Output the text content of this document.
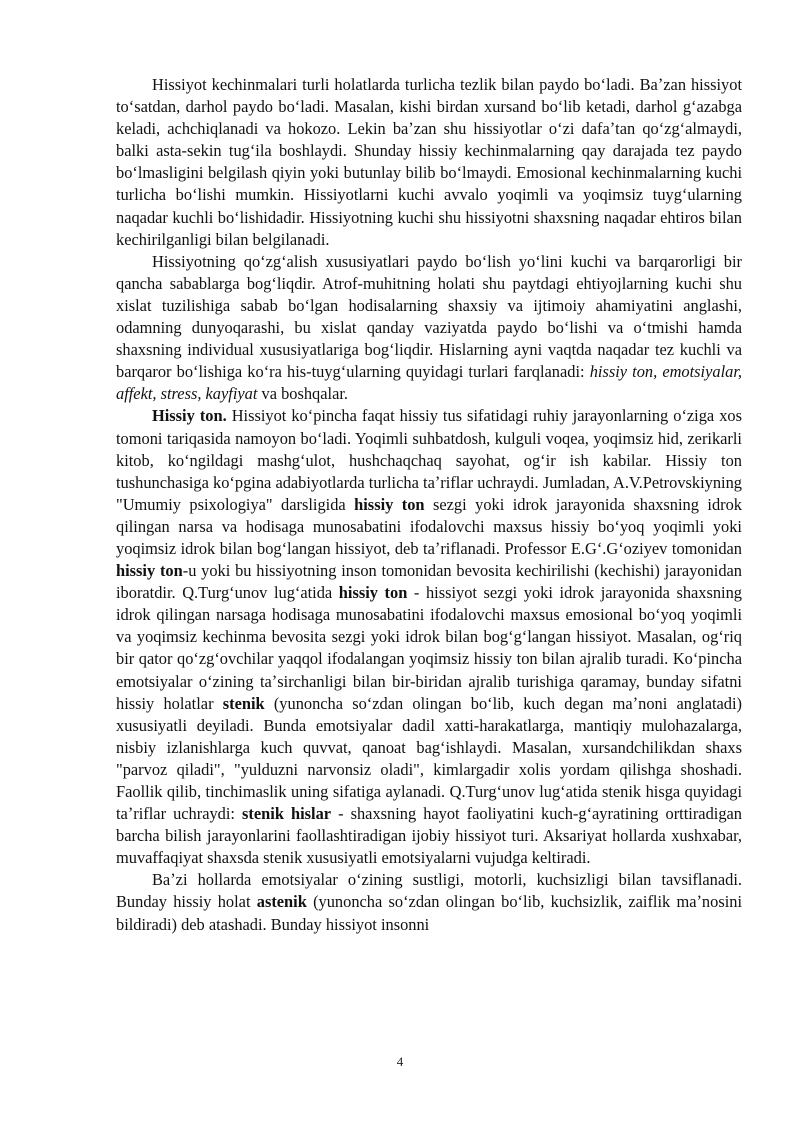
Hissiyot kechinmalari turli holatlarda turlicha tezlik bilan paydo boʻladi. Baʼzan hissiyot toʻsatdan, darhol paydo boʻladi. Masalan, kishi birdan xursand boʻlib ketadi, darhol gʻazabga keladi, achchiqlanadi va hokozo. Lekin baʼzan shu hissiyotlar oʻzi dafaʼtan qoʻzgʻalmaydi, balki asta-sekin tugʻila boshlaydi. Shunday hissiy kechinmalarning qay darajada tez paydo boʻlmasligini belgilash qiyin yoki butunlay bilib boʻlmaydi. Emosional kechinmalarning kuchi turlicha boʻlishi mumkin. Hissiyotlarni kuchi avvalo yoqimli va yoqimsiz tuygʻularning naqadar kuchli boʻlishidadir. Hissiyotning kuchi shu hissiyotni shaxsning naqadar ehtiros bilan kechirilganligi bilan belgilanadi.

Hissiyotning qoʻzgʻalish xususiyatlari paydo boʻlish yoʻlini kuchi va barqarorligi bir qancha sabablarga bogʻliqdir. Atrof-muhitning holati shu paytdagi ehtiyojlarning kuchi shu xislat tuzilishiga sabab boʻlgan hodisalarning shaxsiy va ijtimoiy ahamiyatini anglashi, odamning dunyoqarashi, bu xislat qanday vaziyatda paydo boʻlishi va oʻtmishi hamda shaxsning individual xususiyatlariga bogʻliqdir. Hislarning ayni vaqtda naqadar tez kuchli va barqaror boʻlishiga koʻra his-tuygʻularning quyidagi turlari farqlanadi: hissiy ton, emotsiyalar, affekt, stress, kayfiyat va boshqalar.

Hissiy ton. Hissiyot koʻpincha faqat hissiy tus sifatidagi ruhiy jarayonlarning oʻziga xos tomoni tariqasida namoyon boʻladi. Yoqimli suhbatdosh, kulguli voqea, yoqimsiz hid, zerikarli kitob, koʻngildagi mashgʻulot, hushchaqchaq sayohat, ogʻir ish kabilar. Hissiy ton tushunchasiga koʻpgina adabiyotlarda turlicha taʼriflar uchraydi. Jumladan, A.V.Petrovskiyning "Umumiy psixologiya" darsligida hissiy ton sezgi yoki idrok jarayonida shaxsning idrok qilingan narsa va hodisaga munosabatini ifodalovchi maxsus hissiy boʻyoq yoqimli yoki yoqimsiz idrok bilan bogʻlangan hissiyot, deb taʼriflanadi. Professor E.Gʻ.Gʻoziyev tomonidan hissiy ton-u yoki bu hissiyotning inson tomonidan bevosita kechirilishi (kechishi) jarayonidan iboratdir. Q.Turgʻunov lugʻatida hissiy ton - hissiyot sezgi yoki idrok jarayonida shaxsning idrok qilingan narsaga hodisaga munosabatini ifodalovchi maxsus emosional boʻyoq yoqimli va yoqimsiz kechinma bevosita sezgi yoki idrok bilan bogʻgʻlangan hissiyot. Masalan, ogʻriq bir qator qoʻzgʻovchilar yaqqol ifodalangan yoqimsiz hissiy ton bilan ajralib turadi. Koʻpincha emotsiyalar oʻzining taʼsirchanligi bilan bir-biridan ajralib turishiga qaramay, bunday sifatni hissiy holatlar stenik (yunoncha soʻzdan olingan boʻlib, kuch degan maʼnoni anglatadi) xususiyatli deyiladi. Bunda emotsiyalar dadil xatti-harakatlarga, mantiqiy mulohazalarga, nisbiy izlanishlarga kuch quvvat, qanoat bagʻishlaydi. Masalan, xursandchilikdan shaxs "parvoz qiladi", "yulduzni narvonsiz oladi", kimlargadir xolis yordam qilishga shoshadi. Faollik qilib, tinchimaslik uning sifatiga aylanadi. Q.Turgʻunov lugʻatida stenik hisga quyidagi taʼriflar uchraydi: stenik hislar - shaxsning hayot faoliyatini kuch-gʻayratining orttiradigan barcha bilish jarayonlarini faollashtiradigan ijobiy hissiyot turi. Aksariyat hollarda xushxabar, muvaffaqiyat shaxsda stenik xususiyatli emotsiyalarni vujudga keltiradi.

Baʼzi hollarda emotsiyalar oʻzining sustligi, motorli, kuchsizligi bilan tavsiflanadi. Bunday hissiy holat astenik (yunoncha soʻzdan olingan boʻlib, kuchsizlik, zaiflik maʼnosini bildiradi) deb atashadi. Bunday hissiyot insonni

4
